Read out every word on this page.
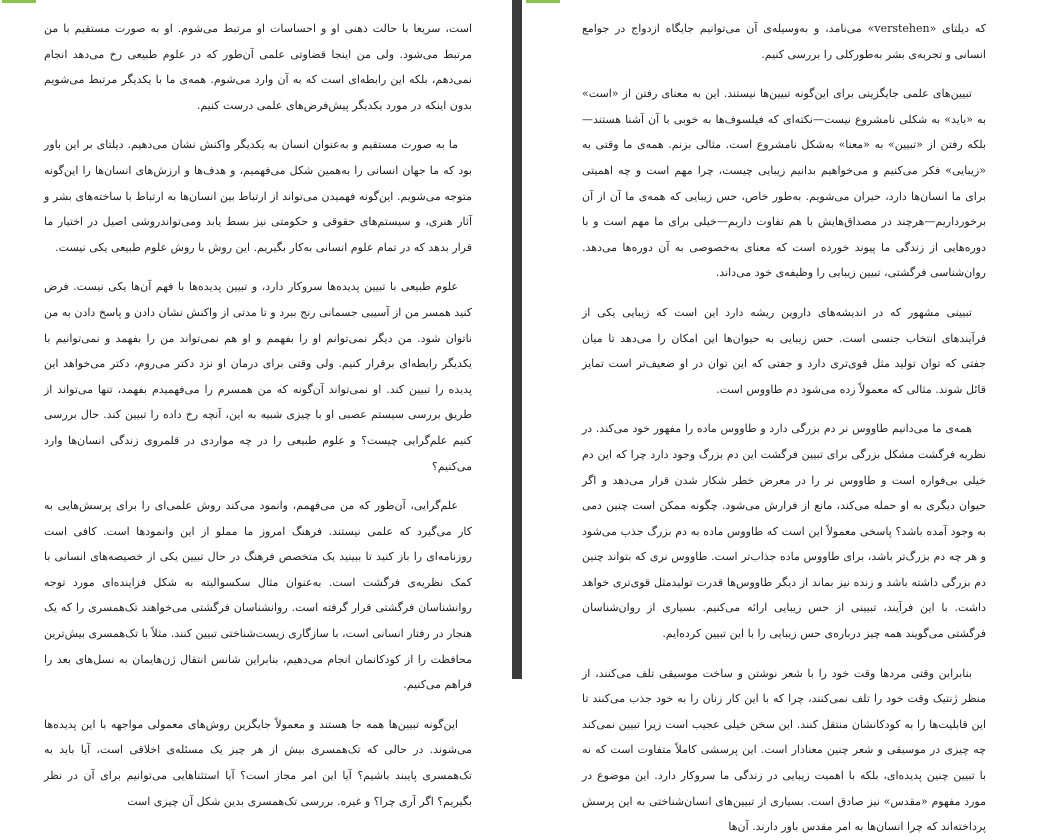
است، سریعا با حالت ذهنی او و احساسات او مرتبط می‌شوم. او به صورت مستقیم با من مرتبط می‌شود. ولی من اینجا قضاوتی علمی آن‌طور که در علوم طبیعی رخ می‌دهد انجام نمی‌دهم، بلکه این رابطه‌ای است که به آن وارد می‌شوم. همه‌ی ما با یکدیگر مرتبط می‌شویم بدون اینکه در مورد یکدیگر پیش‌فرض‌های علمی درست کنیم.

ما به صورت مستقیم و به‌عنوان انسان به یکدیگر واکنش نشان می‌دهیم. دیلتای بر این باور بود که ما جهان انسانی را به‌همین شکل می‌فهمیم، و هدف‌ها و ارزش‌های انسان‌ها را این‌گونه متوجه می‌شویم. این‌گونه فهمیدن می‌تواند از ارتباط بین انسان‌ها به ارتباط با ساخته‌های بشر و آثار هنری، و سیستم‌های حقوقی و حکومتی نیز بسط یابد ومی‌تواندروشی اصیل در اختیار ما قرار بدهد که در تمام علوم انسانی به‌کار بگیریم. این روش با روش علوم طبیعی یکی نیست.

علوم طبیعی با تبیین پدیده‌ها سروکار دارد، و تبیین پدیده‌ها با فهم آن‌ها یکی نیست. فرض کنید همسر من از آسیبی جسمانی رنج ببرد و تا مدتی از واکنش نشان دادن و پاسخ دادن به من ناتوان شود. من دیگر نمی‌توانم او را بفهمم و او هم نمی‌تواند من را بفهمد و نمی‌توانیم با یکدیگر رابطه‌ای برقرار کنیم. ولی وقتی برای درمان او نزد دکتر می‌روم، دکتر می‌خواهد این پدیده را تبیین کند. او نمی‌تواند آن‌گونه که من همسرم را می‌فهمیدم بفهمد، تنها می‌تواند از طریق بررسی سیستم عصبی او با چیزی شبیه به این، آنچه رخ داده را تبیین کند. حال بررسی کنیم علم‌گرایی چیست؟ و علوم طبیعی را در چه مواردی در قلمروی زندگی انسان‌ها وارد می‌کنیم؟

علم‌گرایی، آن‌طور که من می‌فهمم، وانمود می‌کند روش علمی‌ای را برای پرسش‌هایی به کار می‌گیرد که علمی نیستند. فرهنگ امروز ما مملو از این وانمودها است. کافی است روزنامه‌ای را باز کنید تا ببینید یک متخصص فرهنگ در حال تبیین یکی از خصیصه‌های انسانی با کمک نظریه‌ی فرگشت است. به‌عنوان مثال سکسوالیته به شکل فزاینده‌ای مورد توجه روانشناسان فرگشتی قرار گرفته است. روانشناسان فرگشتی می‌خواهند تک‌همسری را که یک هنجار در رفتار انسانی است، با سازگاری زیست‌شناختی تبیین کنند. مثلاً با تک‌همسری بیش‌ترین محافظت را از کودکانمان انجام می‌دهیم، بنابراین شانس انتقال ژن‌هایمان به نسل‌های بعد را فراهم می‌کنیم.

این‌گونه تبیین‌ها همه جا هستند و معمولاً جایگزین روش‌های معمولی مواجهه با این پدیده‌ها می‌شوند. در حالی که تک‌همسری بیش از هر چیز یک مسئله‌ی اخلاقی است، آیا باید به تک‌همسری پایبند باشیم؟ آیا این امر مجاز است؟ آیا استثناهایی می‌توانیم برای آن در نظر بگیریم؟ اگر آری چرا؟ و غیره. بررسی تک‌همسری بدین شکل آن چیزی است

که دیلتای «verstehen» می‌نامد، و به‌وسیله‌ی آن می‌توانیم جایگاه ازدواج در جوامع انسانی و تجربه‌ی بشر به‌طورکلی را بررسی کنیم.

تبیین‌های علمی جایگزینی برای این‌گونه تبیین‌ها نیستند. این به معنای رفتن از «است» به «باید» به شکلی نامشروع نیست—نکته‌ای که فیلسوف‌ها به خوبی با آن آشنا هستند—بلکه رفتن از «تبیین» به «معنا» به‌شکل نامشروع است. مثالی بزنم. همه‌ی ما وقتی به «زیبایی» فکر می‌کنیم و می‌خواهیم بدانیم زیبایی چیست، چرا مهم است و چه اهمیتی برای ما انسان‌ها دارد، حیران می‌شویم. به‌طور خاص، حس زیبایی که همه‌ی ما آن از آن برخورداریم—هرچند در مصداق‌هایش با هم تفاوت داریم—خیلی برای ما مهم است و با دوره‌هایی از زندگی ما پیوند خورده است که معنای به‌خصوصی به آن دوره‌ها می‌دهد. روان‌شناسی فرگشتی، تبیین زیبایی را وظیفه‌ی خود می‌داند.

تبیینی مشهور که در اندیشه‌های داروین ریشه دارد این است که زیبایی یکی از فرآیندهای انتخاب جنسی است. حس زیبایی به حیوان‌ها این امکان را می‌دهد تا میان جفتی که توان تولید مثل قوی‌تری دارد و جفتی که این توان در او ضعیف‌تر است تمایز قائل شوند. مثالی که معمولاً زده می‌شود دم طاووس است.

همه‌ی ما می‌دانیم طاووس نر دم بزرگی دارد و طاووس ماده را مفهور خود می‌کند. در نظریه فرگشت مشکل بزرگی برای تبیین فرگشت این دم بزرگ وجود دارد چرا که این دم خیلی بی‌فواره است و طاووس نر را در معرض خطر شکار شدن قرار می‌دهد و اگر حیوان دیگری به او حمله می‌کند، مانع از فرارش می‌شود. چگونه ممکن است چنین دمی به وجود آمده باشد؟ پاسخی معمولاً این است که طاووس ماده به دم بزرگ جذب می‌شود و هر چه دم بزرگ‌تر باشد، برای طاووس ماده جذاب‌تر است. طاووس نری که بتواند چنین دم بزرگی داشته باشد و زنده نیز بماند از دیگر طاووس‌ها قدرت تولیدمثل قوی‌تری خواهد داشت. با این فرآیند، تبیینی از حس زیبایی ارائه می‌کنیم. بسیاری از روان‌شناسان فرگشتی می‌گویند همه چیز درباره‌ی حس زیبایی را با این تبیین کرده‌ایم.

بنابراین وقتی مردها وقت خود را با شعر نوشتن و ساخت موسیقی تلف می‌کنند، از منظر ژنتیک وقت خود را تلف نمی‌کنند، چرا که با این کار زنان را به خود جذب می‌کنند تا این قابلیت‌ها را به کودکانشان منتقل کنند. این سخن خیلی عجیب است زیرا تبیین نمی‌کند چه چیزی در موسیقی و شعر چنین معنادار است. این پرسشی کاملاً متفاوت است که نه با تبیین چنین پدیده‌ای، بلکه با اهمیت زیبایی در زندگی ما سروکار دارد. این موضوع در مورد مفهوم «مقدس» نیز صادق است. بسیاری از تبیین‌های انسان‌شناختی به این پرسش پرداخته‌اند که چرا انسان‌ها به امر مقدس باور دارند. آن‌ها
